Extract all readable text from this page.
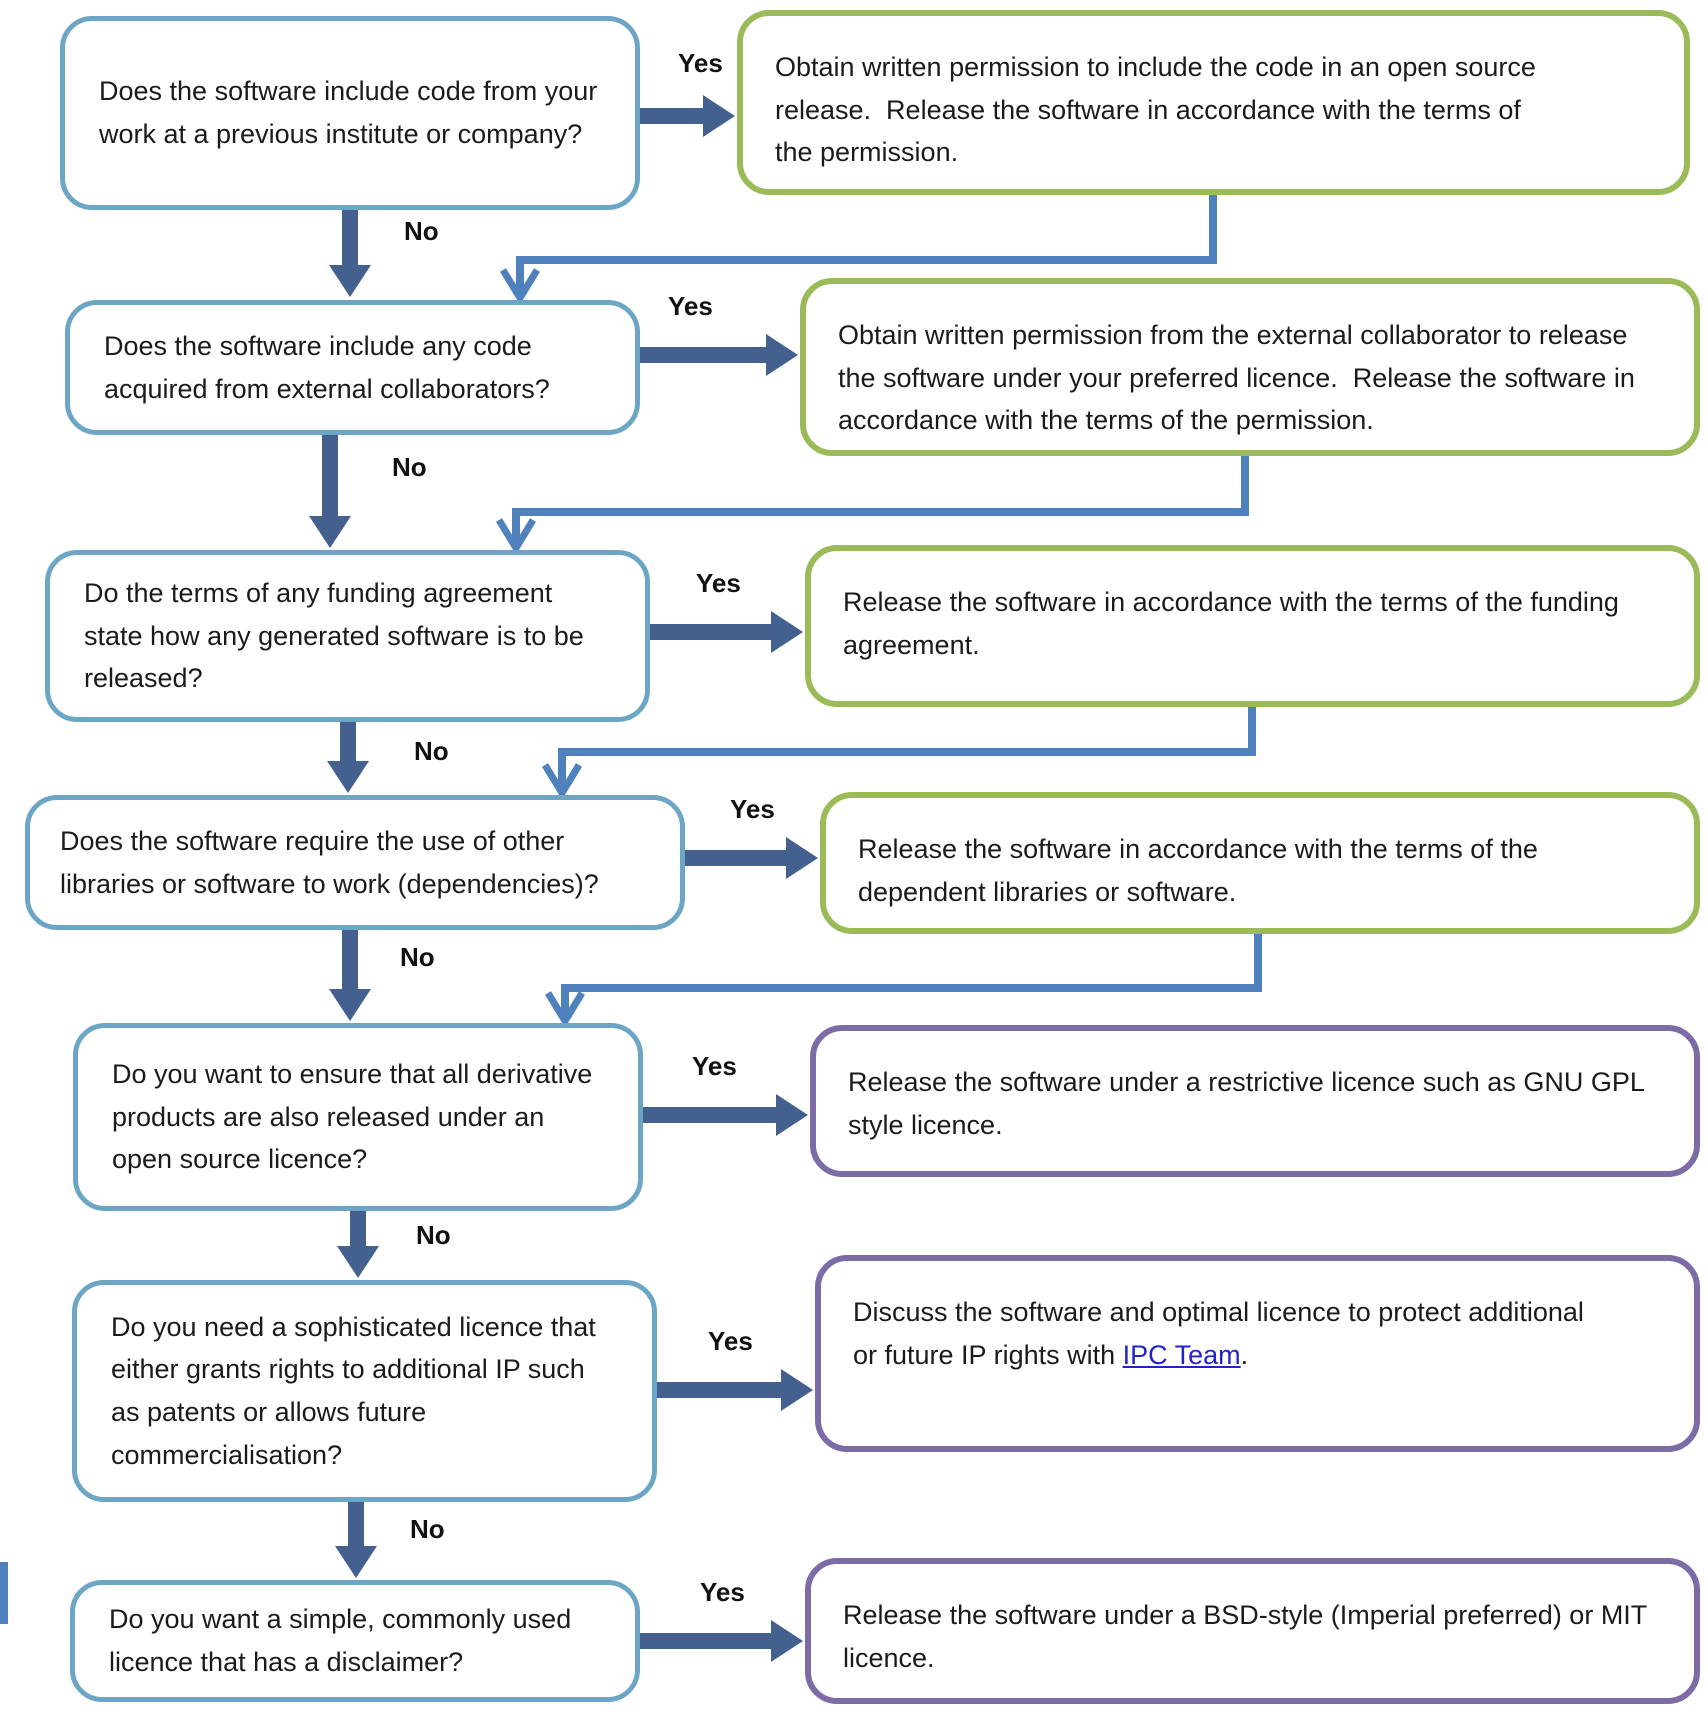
Does the software include code from your work at a previous institute or company?
Does the software include any code acquired from external collaborators?
Do the terms of any funding agreement state how any generated software is to be released?
Does the software require the use of other libraries or software to work (dependencies)?
Do you want to ensure that all derivative products are also released under an open source licence?
Do you need a sophisticated licence that either grants rights to additional IP such as patents or allows future commercialisation?
Do you want a simple, commonly used licence that has a disclaimer?
Obtain written permission to include the code in an open source release.  Release the software in accordance with the terms of the permission.
Obtain written permission from the external collaborator to release the software under your preferred licence.  Release the software in accordance with the terms of the permission.
Release the software in accordance with the terms of the funding agreement.
Release the software in accordance with the terms of the dependent libraries or software.
Release the software under a restrictive licence such as GNU GPL style licence.
Discuss the software and optimal licence to protect additional or future IP rights with IPC Team.
Release the software under a BSD-style (Imperial preferred) or MIT licence.
Yes
Yes
Yes
Yes
Yes
Yes
Yes
No
No
No
No
No
No
